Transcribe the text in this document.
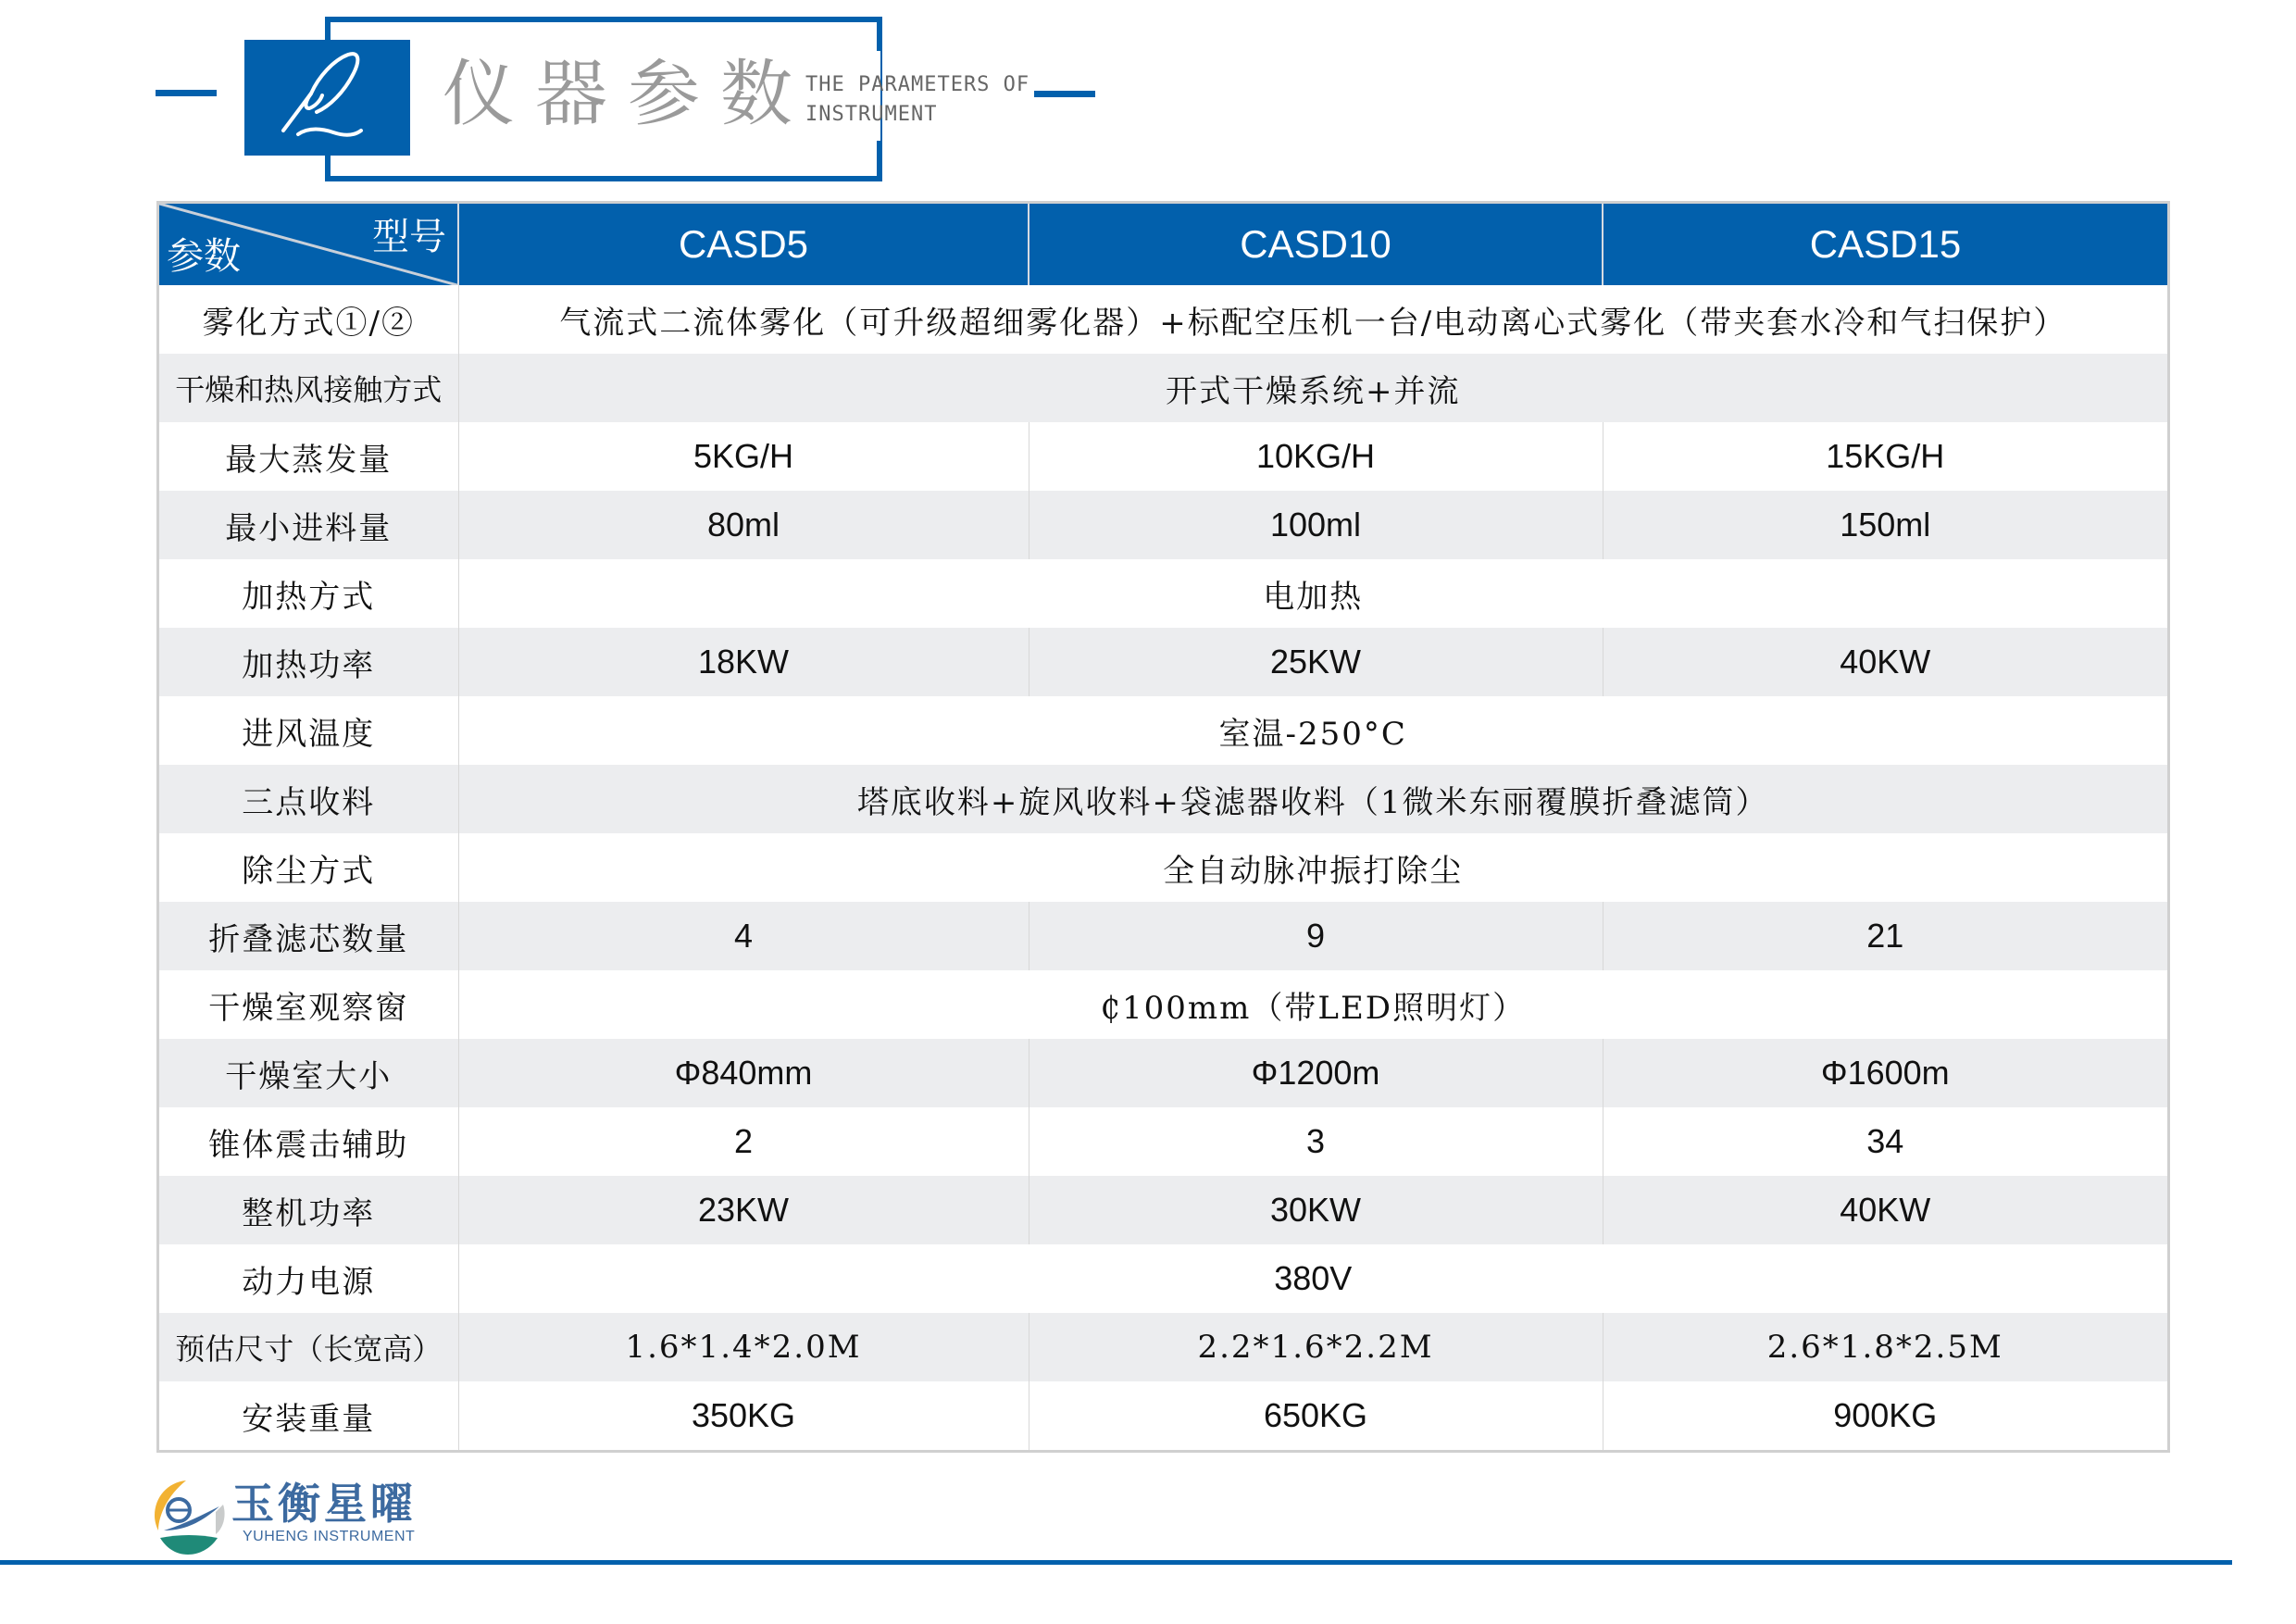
仪器参数
THE PARAMETERS OF
INSTRUMENT
参数 型号	CASD5	CASD10	CASD15
雾化方式①/②	气流式二流体雾化（可升级超细雾化器）+标配空压机一台/电动离心式雾化（带夹套水冷和气扫保护）		
干燥和热风接触方式	开式干燥系统+并流		
最大蒸发量	5KG/H	10KG/H	15KG/H
最小进料量	80ml	100ml	150ml
加热方式	电加热		
加热功率	18KW	25KW	40KW
进风温度	室温-250°C		
三点收料	塔底收料+旋风收料+袋滤器收料（1微米东丽覆膜折叠滤筒）		
除尘方式	全自动脉冲振打除尘		
折叠滤芯数量	4	9	21
干燥室观察窗	₵100mm（带LED照明灯）		
干燥室大小	Φ840mm	Φ1200m	Φ1600m
锥体震击辅助	2	3	34
整机功率	23KW	30KW	40KW
动力电源	380V		
预估尺寸（长宽高）	1.6*1.4*2.0M	2.2*1.6*2.2M	2.6*1.8*2.5M
安装重量	350KG	650KG	900KG
玉衡星曜
YUHENG INSTRUMENT
